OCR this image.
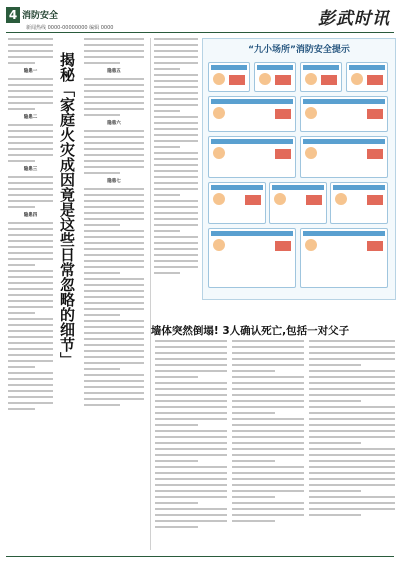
4 消防安全
新闻热线 0000-00000000 编辑 0000	彭武时讯
揭秘「家庭火灾成因竟是这些日常忽略的细节」
隐患一
隐患二
隐患三
隐患四
隐患五
隐患六
隐患七
“九小场所”消防安全提示
墙体突然倒塌! 3人确认死亡,包括一对父子
